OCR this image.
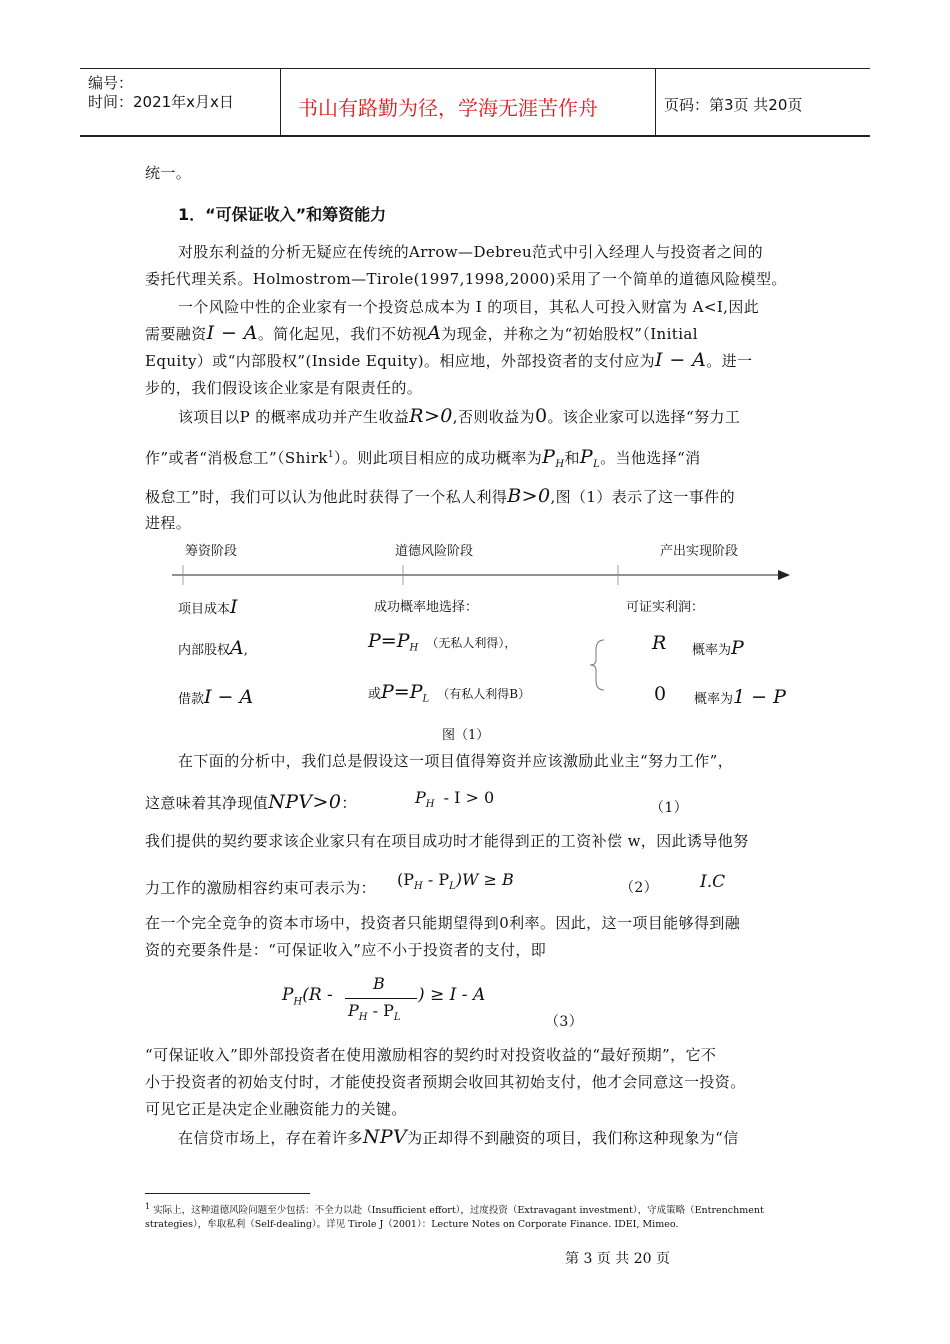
编号：
时间：2021年x月x日	书山有路勤为径，学海无涯苦作舟	页码：第3页 共20页
统一。
1．“可保证收入”和筹资能力
对股东利益的分析无疑应在传统的Arrow—Debreu范式中引入经理人与投资者之间的
委托代理关系。Holmostrom—Tirole(1997,1998,2000)采用了一个简单的道德风险模型。
一个风险中性的企业家有一个投资总成本为 I 的项目，其私人可投入财富为 A<I,因此
需要融资I − A。简化起见，我们不妨视A为现金，并称之为“初始股权”（Initial
Equity）或“内部股权”(Inside Equity)。相应地，外部投资者的支付应为I − A。进一
步的，我们假设该企业家是有限责任的。
该项目以P 的概率成功并产生收益R>0,否则收益为0。该企业家可以选择“努力工
作”或者“消极怠工”（Shirk$^1$）。则此项目相应的成功概率为$P_H$和$P_L$。当他选择“消
极怠工”时，我们可以认为他此时获得了一个私人利得B>0,图（1）表示了这一事件的
进程。
筹资阶段	道德风险阶段	产出实现阶段
项目成本I
内部股权A,
借款I − A
成功概率地选择：
$P=P_H$ （无私人利得），
或$P=P_L$ （有私人利得B）
可证实利润：
R 概率为P
0 概率为1 − P
图（1）
在下面的分析中，我们总是假设这一项目值得筹资并应该激励此业主“努力工作”，
这意味着其净现值NPV>0：	$P_H - I > 0$
（1）
我们提供的契约要求该企业家只有在项目成功时才能得到正的工资补偿 w，因此诱导他努
力工作的激励相容约束可表示为： $(P_H - P_L)W \ge B$	（2） I.C
在一个完全竞争的资本市场中，投资者只能期望得到0利率。因此，这一项目能够得到融
资的充要条件是：“可保证收入”应不小于投资者的支付，即
$P_H(R$ -
B
$P_H - P_L$
) ≥ I - A
（3）
“可保证收入”即外部投资者在使用激励相容的契约时对投资收益的“最好预期”，它不
小于投资者的初始支付时，才能使投资者预期会收回其初始支付，他才会同意这一投资。
可见它正是决定企业融资能力的关键。
在信贷市场上，存在着许多NPV为正却得不到融资的项目，我们称这种现象为“信
$^1$ 实际上，这种道德风险问题至少包括：不全力以赴（Insufficient effort），过度投资（Extravagant investment），守成策略（Entrenchment
strategies），牟取私利（Self-dealing）。详见 Tirole J（2001）：Lecture Notes on Corporate Finance. IDEI, Mimeo.
第 3 页 共 20 页
